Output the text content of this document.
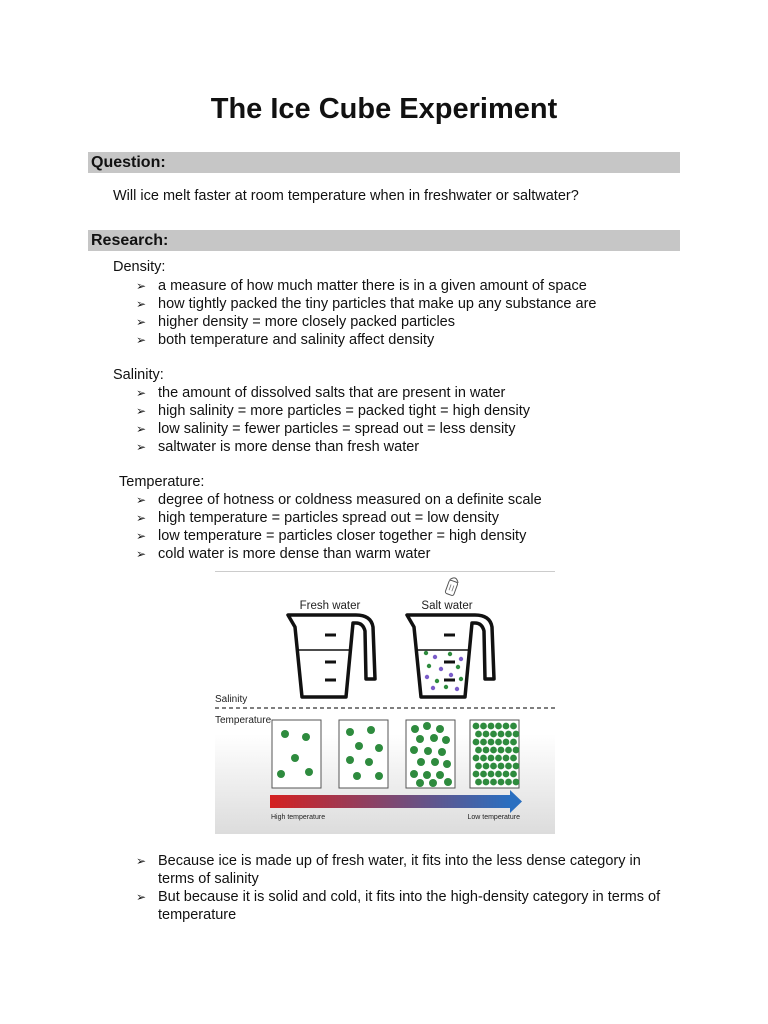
The Ice Cube Experiment
Question:
Will ice melt faster at room temperature when in freshwater or saltwater?
Research:
Density:
➢ a measure of how much matter there is in a given amount of space
➢ how tightly packed the tiny particles that make up any substance are
➢ higher density = more closely packed particles
➢ both temperature and salinity affect density
Salinity:
➢ the amount of dissolved salts that are present in water
➢ high salinity = more particles = packed tight = high density
➢ low salinity = fewer particles = spread out = less density
➢ saltwater is more dense than fresh water
Temperature:
➢ degree of hotness or coldness measured on a definite scale
➢ high temperature = particles spread out = low density
➢ low temperature = particles closer together = high density
➢ cold water is more dense than warm water
Fresh water	Salt water
Salinity
Temperature
High temperature	Low temperature
➢ Because ice is made up of fresh water, it fits into the less dense category in terms of salinity
➢ But because it is solid and cold, it fits into the high-density category in terms of temperature
